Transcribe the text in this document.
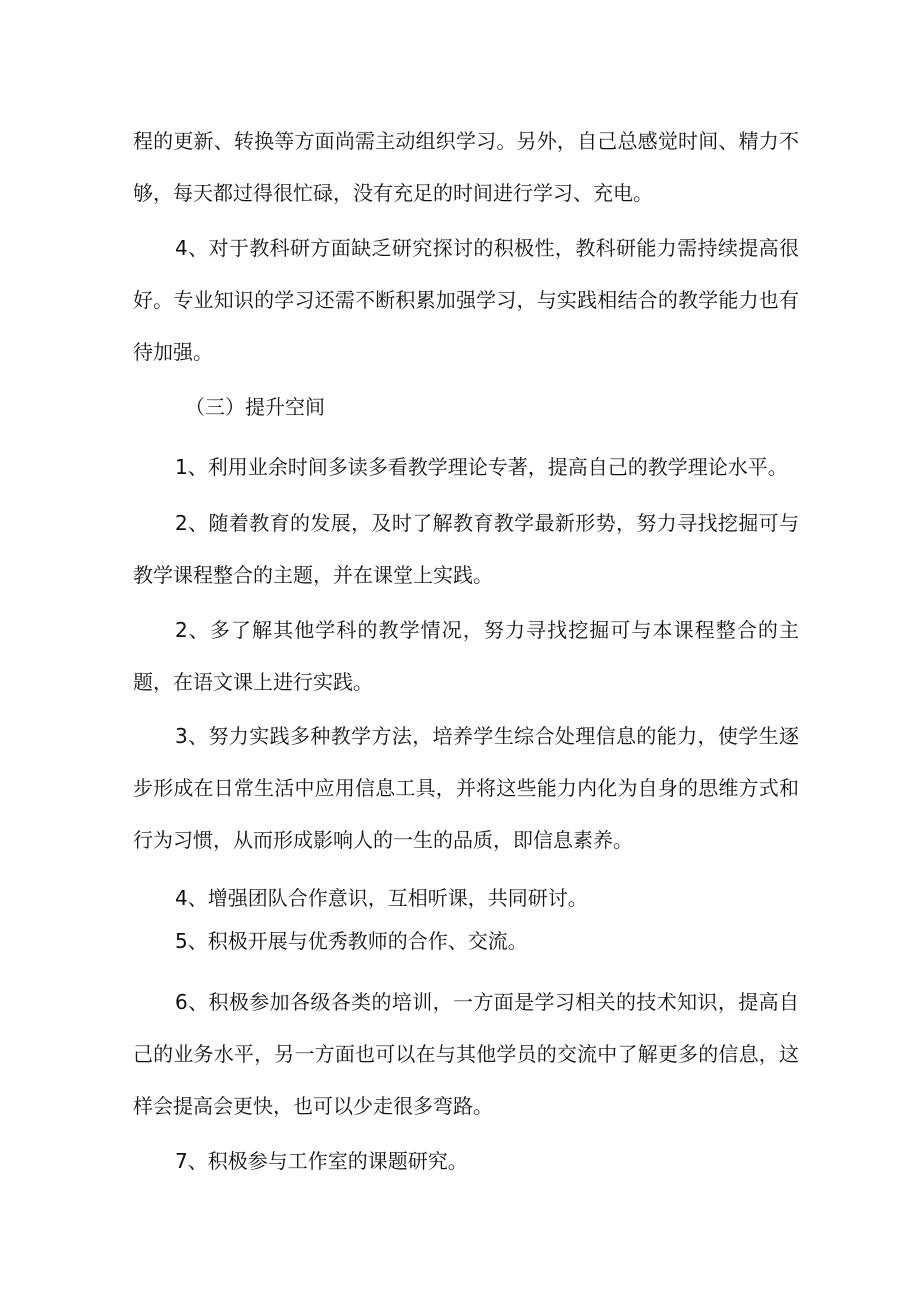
程的更新、转换等方面尚需主动组织学习。另外，自己总感觉时间、精力不够，每天都过得很忙碌，没有充足的时间进行学习、充电。

4、对于教科研方面缺乏研究探讨的积极性，教科研能力需持续提高很好。专业知识的学习还需不断积累加强学习，与实践相结合的教学能力也有待加强。

（三）提升空间

1、利用业余时间多读多看教学理论专著，提高自己的教学理论水平。

2、随着教育的发展，及时了解教育教学最新形势，努力寻找挖掘可与教学课程整合的主题，并在课堂上实践。

2、多了解其他学科的教学情况，努力寻找挖掘可与本课程整合的主题，在语文课上进行实践。

3、努力实践多种教学方法，培养学生综合处理信息的能力，使学生逐步形成在日常生活中应用信息工具，并将这些能力内化为自身的思维方式和行为习惯，从而形成影响人的一生的品质，即信息素养。

4、增强团队合作意识，互相听课，共同研讨。

5、积极开展与优秀教师的合作、交流。

6、积极参加各级各类的培训，一方面是学习相关的技术知识，提高自己的业务水平，另一方面也可以在与其他学员的交流中了解更多的信息，这样会提高会更快，也可以少走很多弯路。

7、积极参与工作室的课题研究。
